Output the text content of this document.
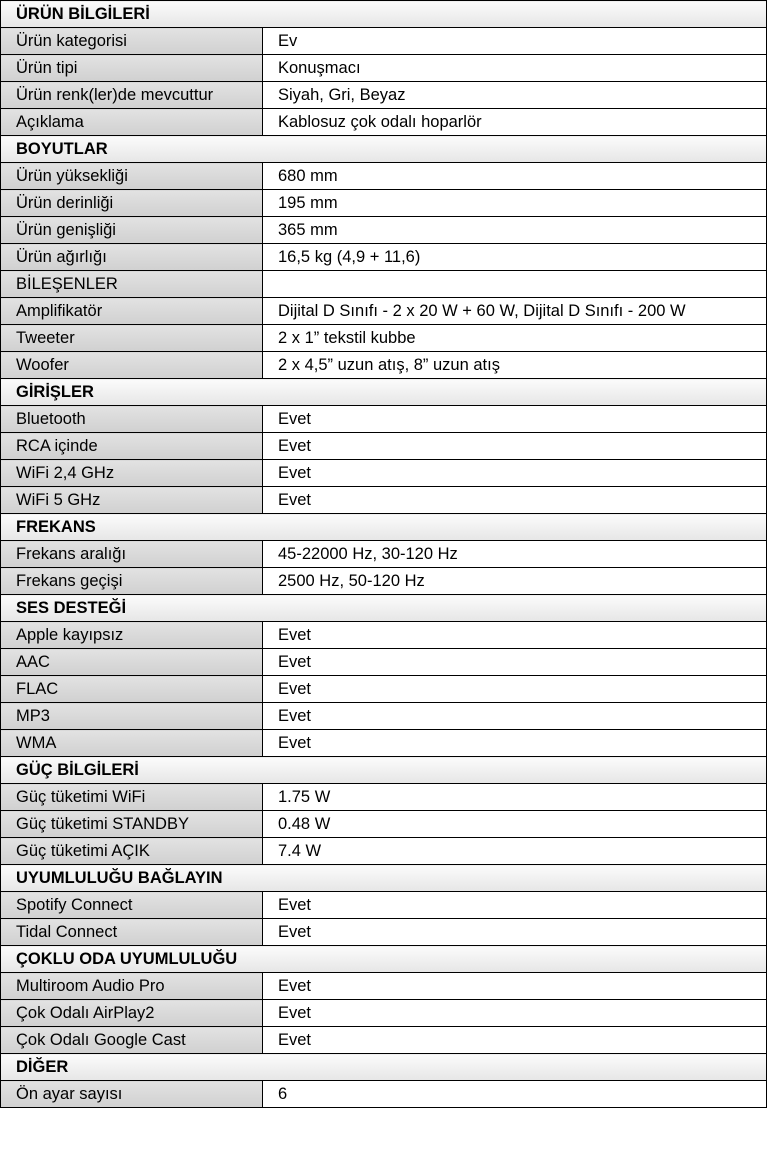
ÜRÜN BİLGİLERİ	
Ürün kategorisi	Ev
Ürün tipi	Konuşmacı
Ürün renk(ler)de mevcuttur	Siyah, Gri, Beyaz
Açıklama	Kablosuz çok odalı hoparlör
BOYUTLAR	
Ürün yüksekliği	680 mm
Ürün derinliği	195 mm
Ürün genişliği	365 mm
Ürün ağırlığı	16,5 kg (4,9 + 11,6)
BİLEŞENLER	
Amplifikatör	Dijital D Sınıfı - 2 x 20 W + 60 W, Dijital D Sınıfı - 200 W
Tweeter	2 x 1” tekstil kubbe
Woofer	2 x 4,5” uzun atış, 8” uzun atış
GİRİŞLER	
Bluetooth	Evet
RCA içinde	Evet
WiFi 2,4 GHz	Evet
WiFi 5 GHz	Evet
FREKANS	
Frekans aralığı	45-22000 Hz, 30-120 Hz
Frekans geçişi	2500 Hz, 50-120 Hz
SES DESTEĞİ	
Apple kayıpsız	Evet
AAC	Evet
FLAC	Evet
MP3	Evet
WMA	Evet
GÜÇ BİLGİLERİ	
Güç tüketimi WiFi	1.75 W
Güç tüketimi STANDBY	0.48 W
Güç tüketimi AÇIK	7.4 W
UYUMLULUĞU BAĞLAYIN	
Spotify Connect	Evet
Tidal Connect	Evet
ÇOKLU ODA UYUMLULUĞU	
Multiroom Audio Pro	Evet
Çok Odalı AirPlay2	Evet
Çok Odalı Google Cast	Evet
DİĞER	
Ön ayar sayısı	6
